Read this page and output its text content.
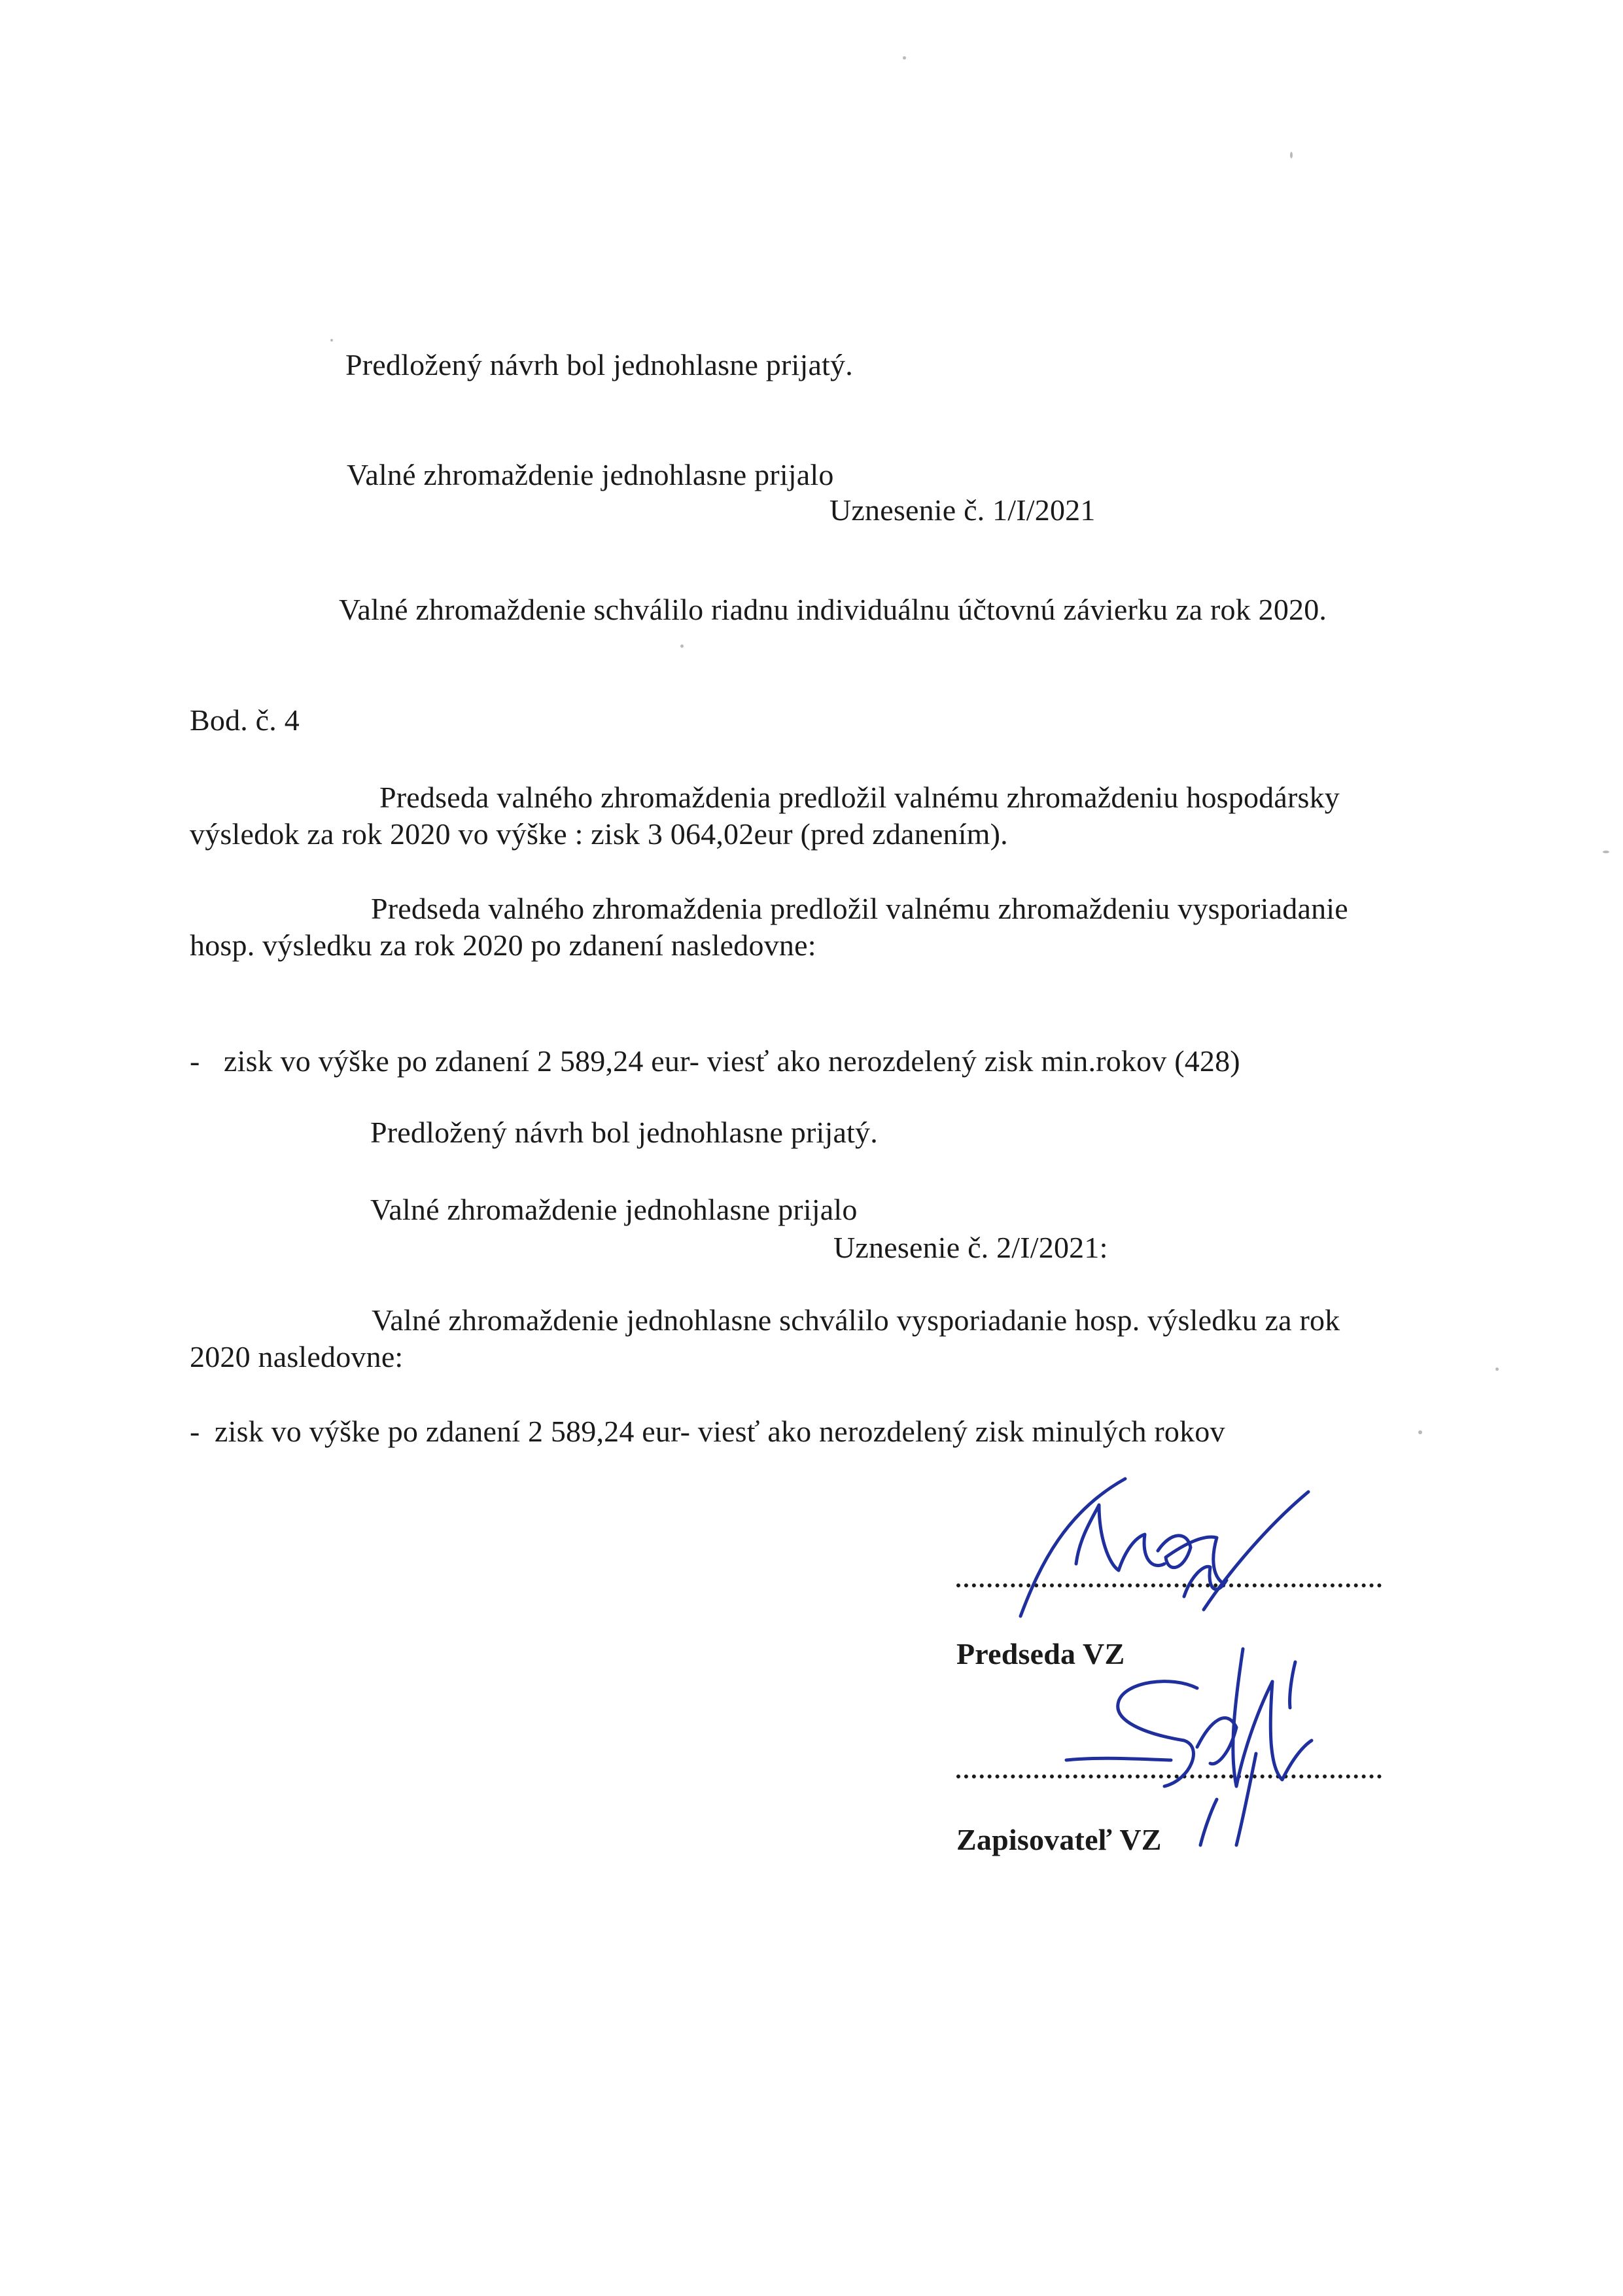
Predložený návrh bol jednohlasne prijatý.
Valné zhromaždenie jednohlasne prijalo
Uznesenie č. 1/I/2021
Valné zhromaždenie schválilo riadnu individuálnu účtovnú závierku za rok 2020.
Bod. č. 4
Predseda valného zhromaždenia predložil valnému zhromaždeniu hospodársky
výsledok za rok 2020 vo výške : zisk 3 064,02eur (pred zdanením).
Predseda valného zhromaždenia predložil valnému zhromaždeniu vysporiadanie
hosp. výsledku za rok 2020 po zdanení nasledovne:
- zisk vo výške po zdanení 2 589,24 eur- viesť ako nerozdelený zisk min.rokov (428)
Predložený návrh bol jednohlasne prijatý.
Valné zhromaždenie jednohlasne prijalo
Uznesenie č. 2/I/2021:
Valné zhromaždenie jednohlasne schválilo vysporiadanie hosp. výsledku za rok
2020 nasledovne:
- zisk vo výške po zdanení 2 589,24 eur- viesť ako nerozdelený zisk minulých rokov
Predseda VZ
Zapisovateľ VZ
